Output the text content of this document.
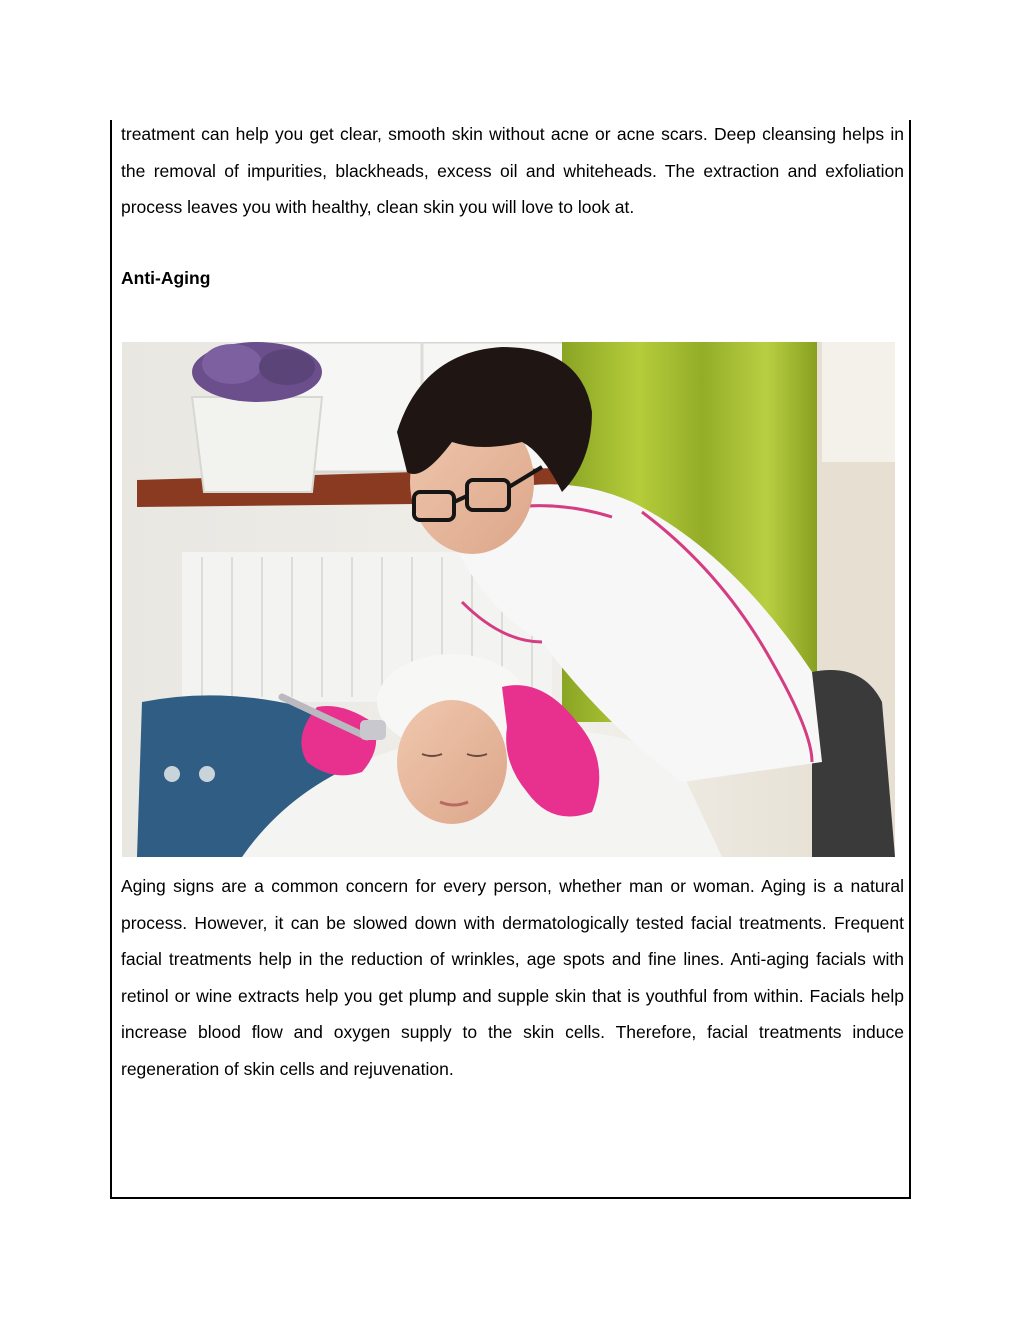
treatment can help you get clear, smooth skin without acne or acne scars. Deep cleansing helps in the removal of impurities, blackheads, excess oil and whiteheads. The extraction and exfoliation process leaves you with healthy, clean skin you will love to look at.

Anti-Aging

Aging signs are a common concern for every person, whether man or woman. Aging is a natural process. However, it can be slowed down with dermatologically tested facial treatments. Frequent facial treatments help in the reduction of wrinkles, age spots and fine lines. Anti-aging facials with retinol or wine extracts help you get plump and supple skin that is youthful from within. Facials help increase blood flow and oxygen supply to the skin cells. Therefore, facial treatments induce regeneration of skin cells and rejuvenation.
